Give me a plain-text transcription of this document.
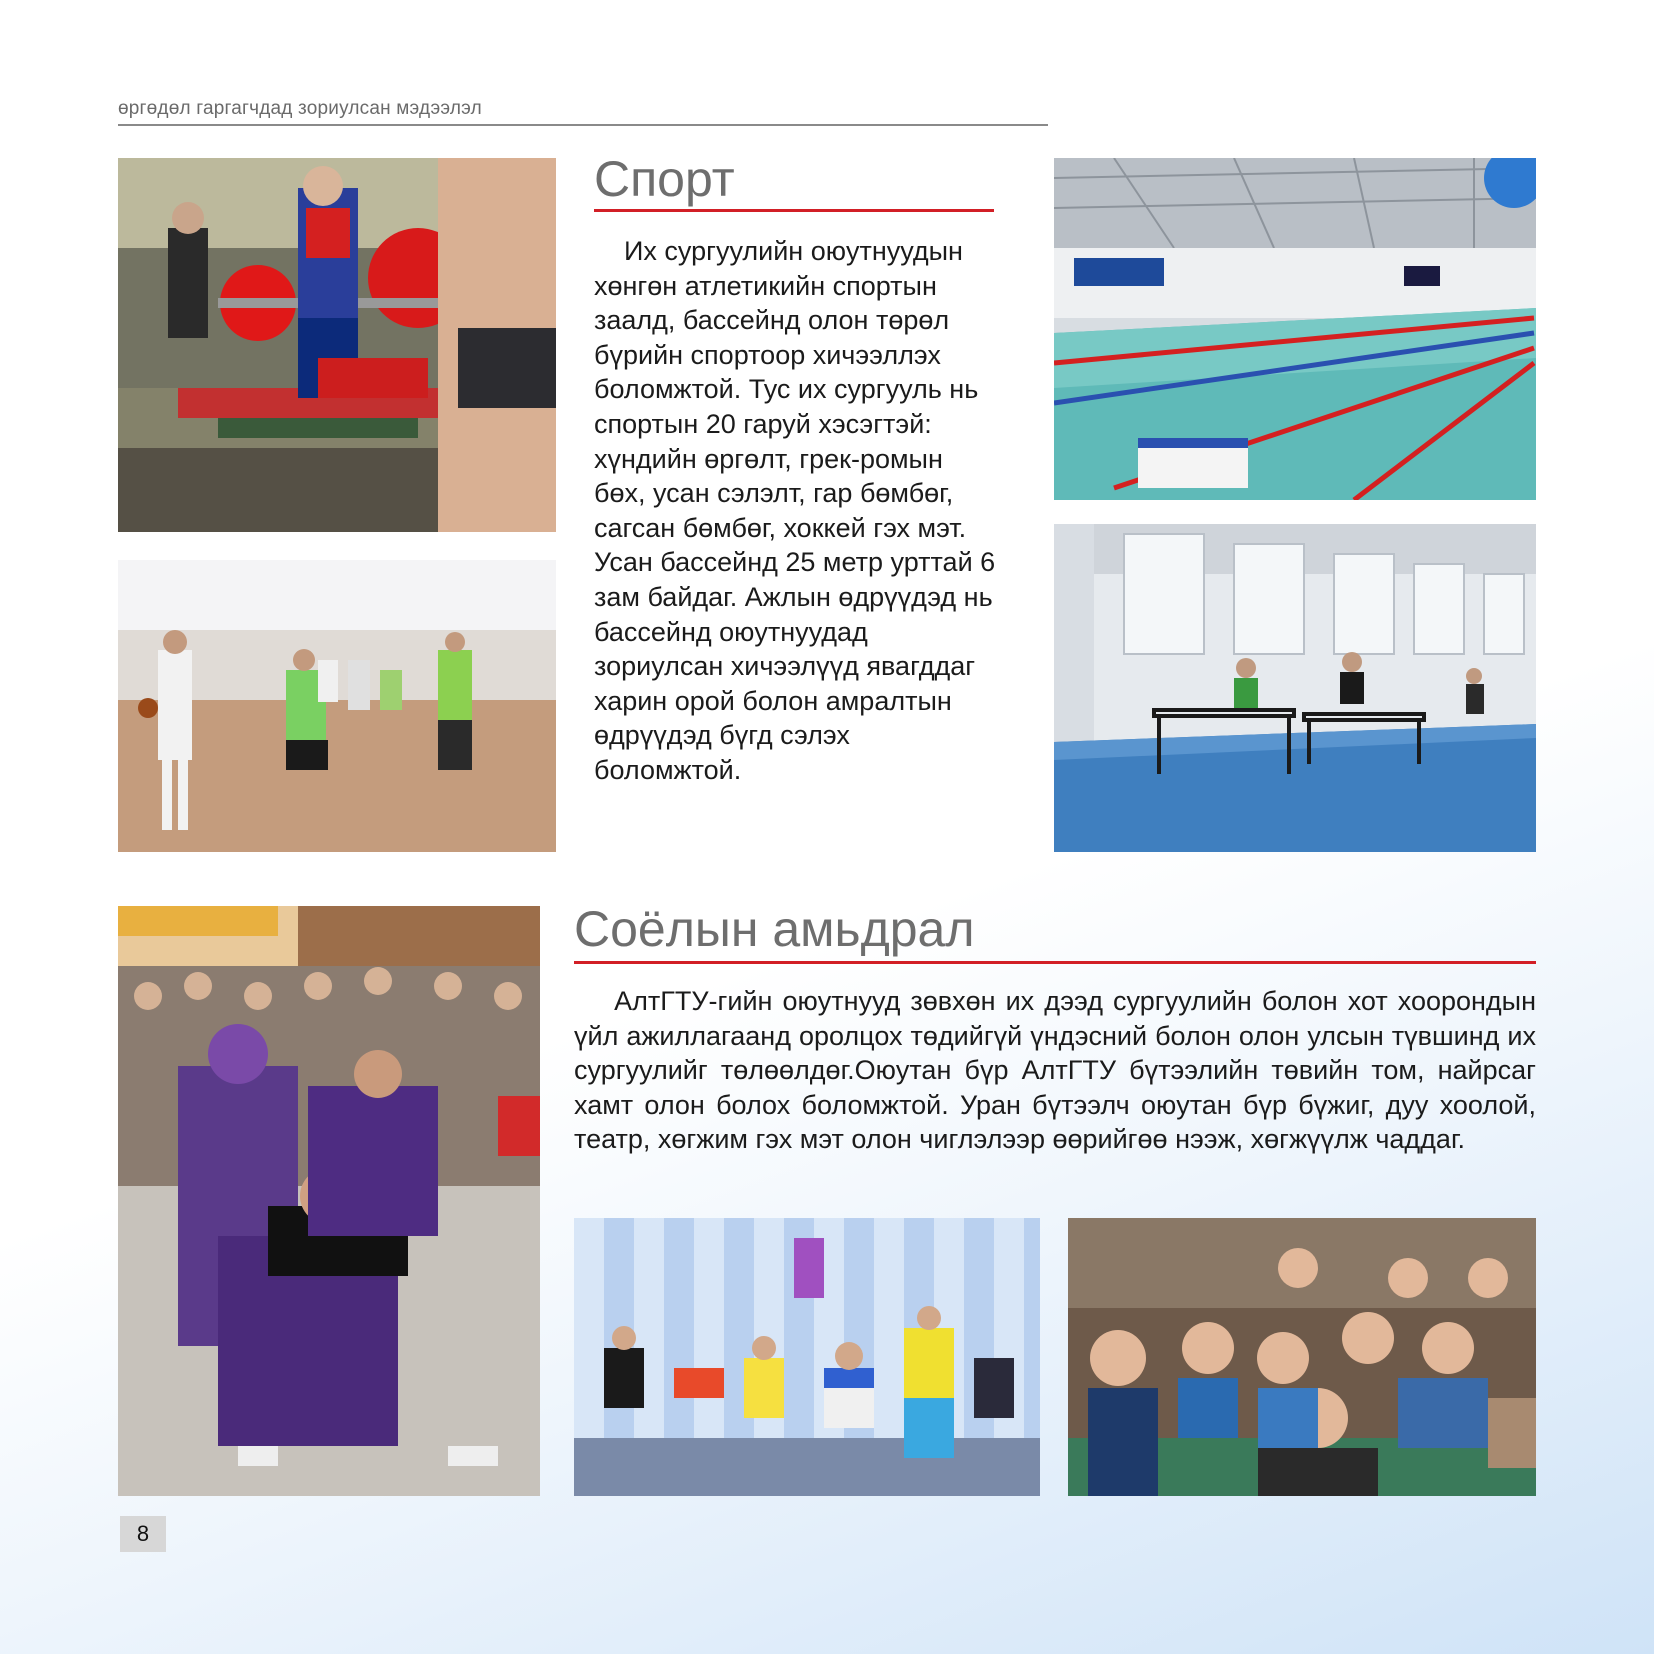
өргөдөл гаргагчдад зориулсан мэдээлэл
Спорт

Их сургуулийн оюутнуудын хөнгөн атлетикийн спортын заалд, бассейнд олон төрөл бүрийн спортоор хичээллэх боломжтой. Тус их сургууль нь спортын 20 гаруй хэсэгтэй: хүндийн өргөлт, грек-ромын бөх, усан сэлэлт, гар бөмбөг, сагсан бөмбөг, хоккей гэх мэт. Усан бассейнд 25 метр урттай 6 зам байдаг. Ажлын өдрүүдэд нь бассейнд оюутнуудад зориулсан хичээлүүд явагддаг харин орой болон амралтын өдрүүдэд бүгд сэлэх боломжтой.

Соёлын амьдрал

АлтГТУ-гийн оюутнууд зөвхөн их дээд сургуулийн болон хот хоорондын үйл ажиллагаанд оролцох төдийгүй үндэсний болон олон улсын түвшинд их сургуулийг төлөөлдөг.Оюутан бүр АлтГТУ бүтээлийн төвийн том, найрсаг хамт олон болох боломжтой. Уран бүтээлч оюутан бүр бүжиг, дуу хоолой, театр, хөгжим гэх мэт олон чиглэлээр өөрийгөө нээж, хөгжүүлж чаддаг.

8
